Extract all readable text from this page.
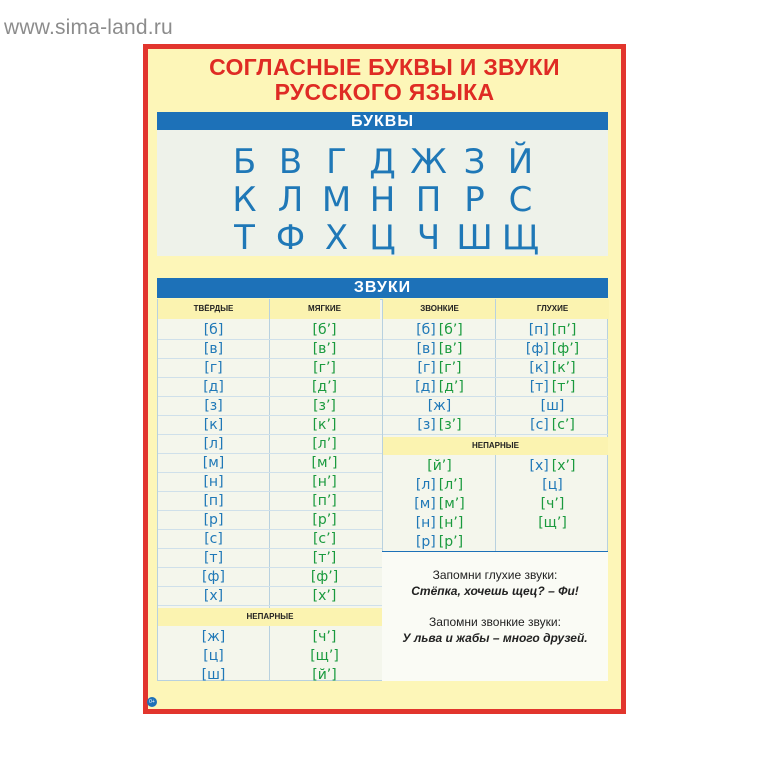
www.sima-land.ru
СОГЛАСНЫЕ БУКВЫ И ЗВУКИ
РУССКОГО ЯЗЫКА
БУКВЫ
Б В Г Д Ж З Й
К Л М Н П Р С
Т Ф Х Ц Ч Ш Щ
ЗВУКИ
ТВЁРДЫЕ	МЯГКИЕ	ЗВОНКИЕ	ГЛУХИЕ
[б]	[б’]
[в]	[в’]
[г]	[г’]
[д]	[д’]
[з]	[з’]
[к]	[к’]
[л]	[л’]
[м]	[м’]
[н]	[н’]
[п]	[п’]
[р]	[р’]
[с]	[с’]
[т]	[т’]
[ф]	[ф’]
[х]	[х’]
НЕПАРНЫЕ
[ж]	[ч’]
[ц]	[щ’]
[ш]	[й’]
[б] [б’]	[п] [п’]
[в] [в’]	[ф] [ф’]
[г] [г’]	[к] [к’]
[д] [д’]	[т] [т’]
[ж]	[ш]
[з] [з’]	[с] [с’]
НЕПАРНЫЕ
[й’]	[х] [х’]
[л] [л’]	[ц]
[м] [м’]	[ч’]
[н] [н’]	[щ’]
[р] [р’]
Запомни глухие звуки:
Стёпка, хочешь щец? – Фи!
Запомни звонкие звуки:
У льва и жабы – много друзей.
0+
